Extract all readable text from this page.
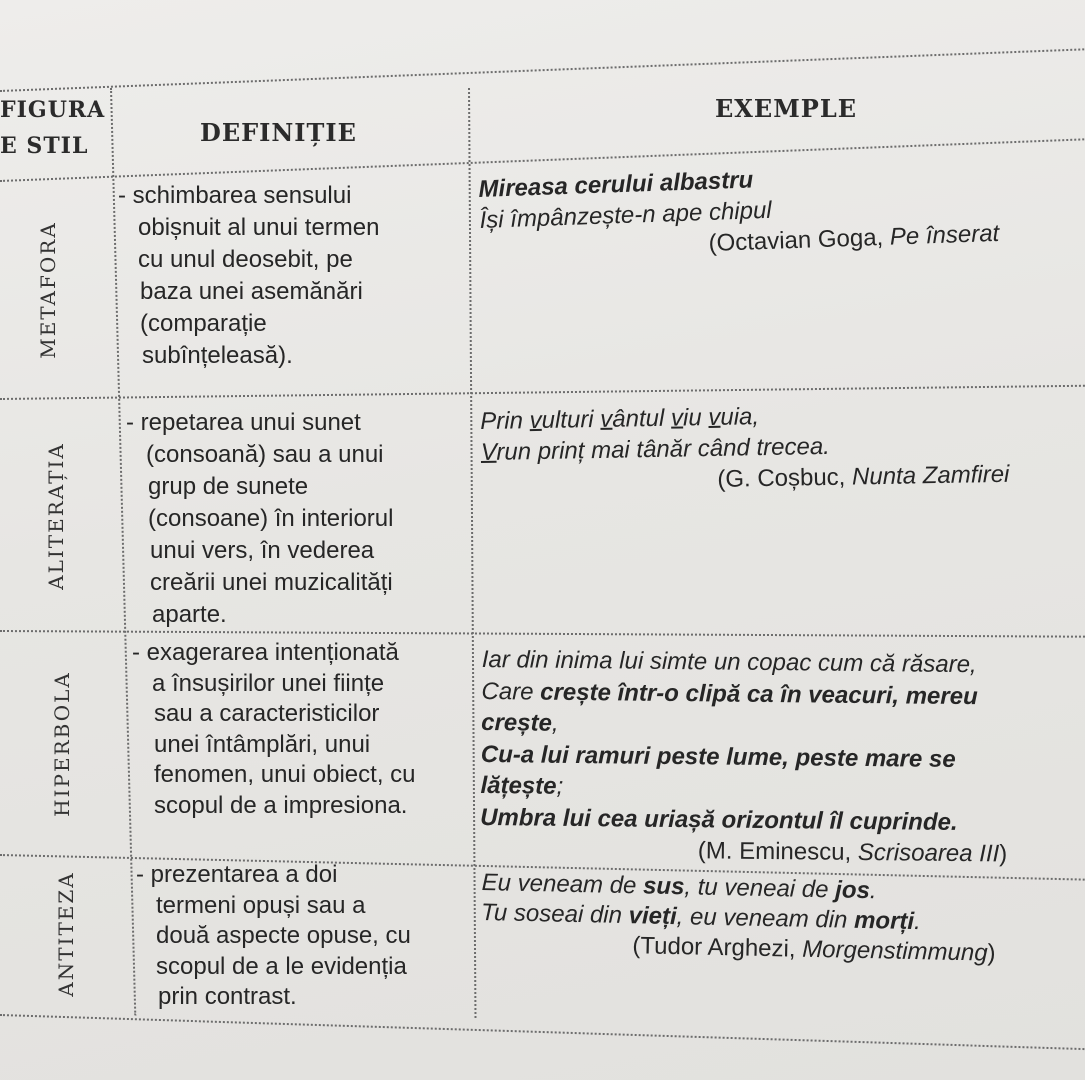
FIGURA
E STIL	DEFINIȚIE
EXEMPLE
METAFORA
ALITERAȚIA
HIPERBOLA
ANTITEZA
- schimbarea sensului
obișnuit al unui termen
cu unul deosebit, pe
baza unei asemănări
(comparație
subînțeleasă).
- repetarea unui sunet
(consoană) sau a unui
grup de sunete
(consoane) în interiorul
unui vers, în vederea
creării unei muzicalități
aparte.
- exagerarea intenționată
a însușirilor unei ființe
sau a caracteristicilor
unei întâmplări, unui
fenomen, unui obiect, cu
scopul de a impresiona.
- prezentarea a doi
termeni opuși sau a
două aspecte opuse, cu
scopul de a le evidenția
prin contrast.
Mireasa cerului albastru
Își împânzește-n ape chipul
(Octavian Goga, Pe înserat
Prin vulturi vântul viu vuia,
Vrun prinț mai tânăr când trecea.
(G. Coșbuc, Nunta Zamfirei
Iar din inima lui simte un copac cum că răsare,
Care crește într-o clipă ca în veacuri, mereu
crește,
Cu-a lui ramuri peste lume, peste mare se
lățește;
Umbra lui cea uriașă orizontul îl cuprinde.
(M. Eminescu, Scrisoarea III)
Eu veneam de sus, tu veneai de jos.
Tu soseai din vieți, eu veneam din morți.
(Tudor Arghezi, Morgenstimmung)
